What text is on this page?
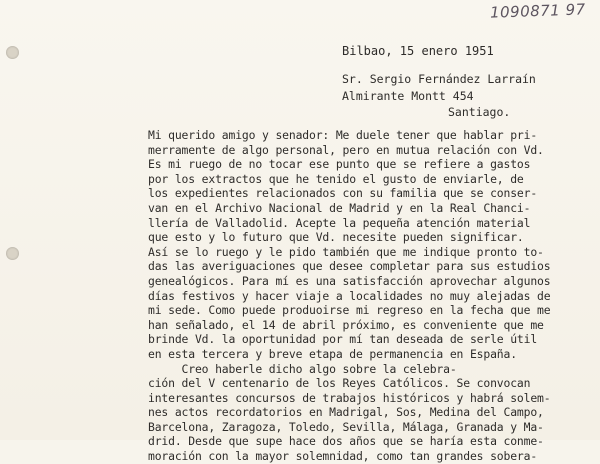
1090871 97
Bilbao, 15 enero 1951
Sr. Sergio Fernández Larraín
Almirante Montt 454
Santiago.
Mi querido amigo y senador: Me duele tener que hablar pri-
merramente de algo personal, pero en mutua relación con Vd.
Es mi ruego de no tocar ese punto que se refiere a gastos
por los extractos que he tenido el gusto de enviarle, de
los expedientes relacionados con su familia que se conser-
van en el Archivo Nacional de Madrid y en la Real Chanci-
llería de Valladolid. Acepte la pequeña atención material
que esto y lo futuro que Vd. necesite pueden significar.
Así se lo ruego y le pido también que me indique pronto to-
das las averiguaciones que desee completar para sus estudios
genealógicos. Para mí es una satisfacción aprovechar algunos
días festivos y hacer viaje a localidades no muy alejadas de
mi sede. Como puede produoirse mi regreso en la fecha que me
han señalado, el 14 de abril próximo, es conveniente que me
brinde Vd. la oportunidad por mí tan deseada de serle útil
en esta tercera y breve etapa de permanencia en España.
Creo haberle dicho algo sobre la celebra-
ción del V centenario de los Reyes Católicos. Se convocan
interesantes concursos de trabajos históricos y habrá solem-
nes actos recordatorios en Madrigal, Sos, Medina del Campo,
Barcelona, Zaragoza, Toledo, Sevilla, Málaga, Granada y Ma-
drid. Desde que supe hace dos años que se haría esta conme-
moración con la mayor solemnidad, como tan grandes sobera-
